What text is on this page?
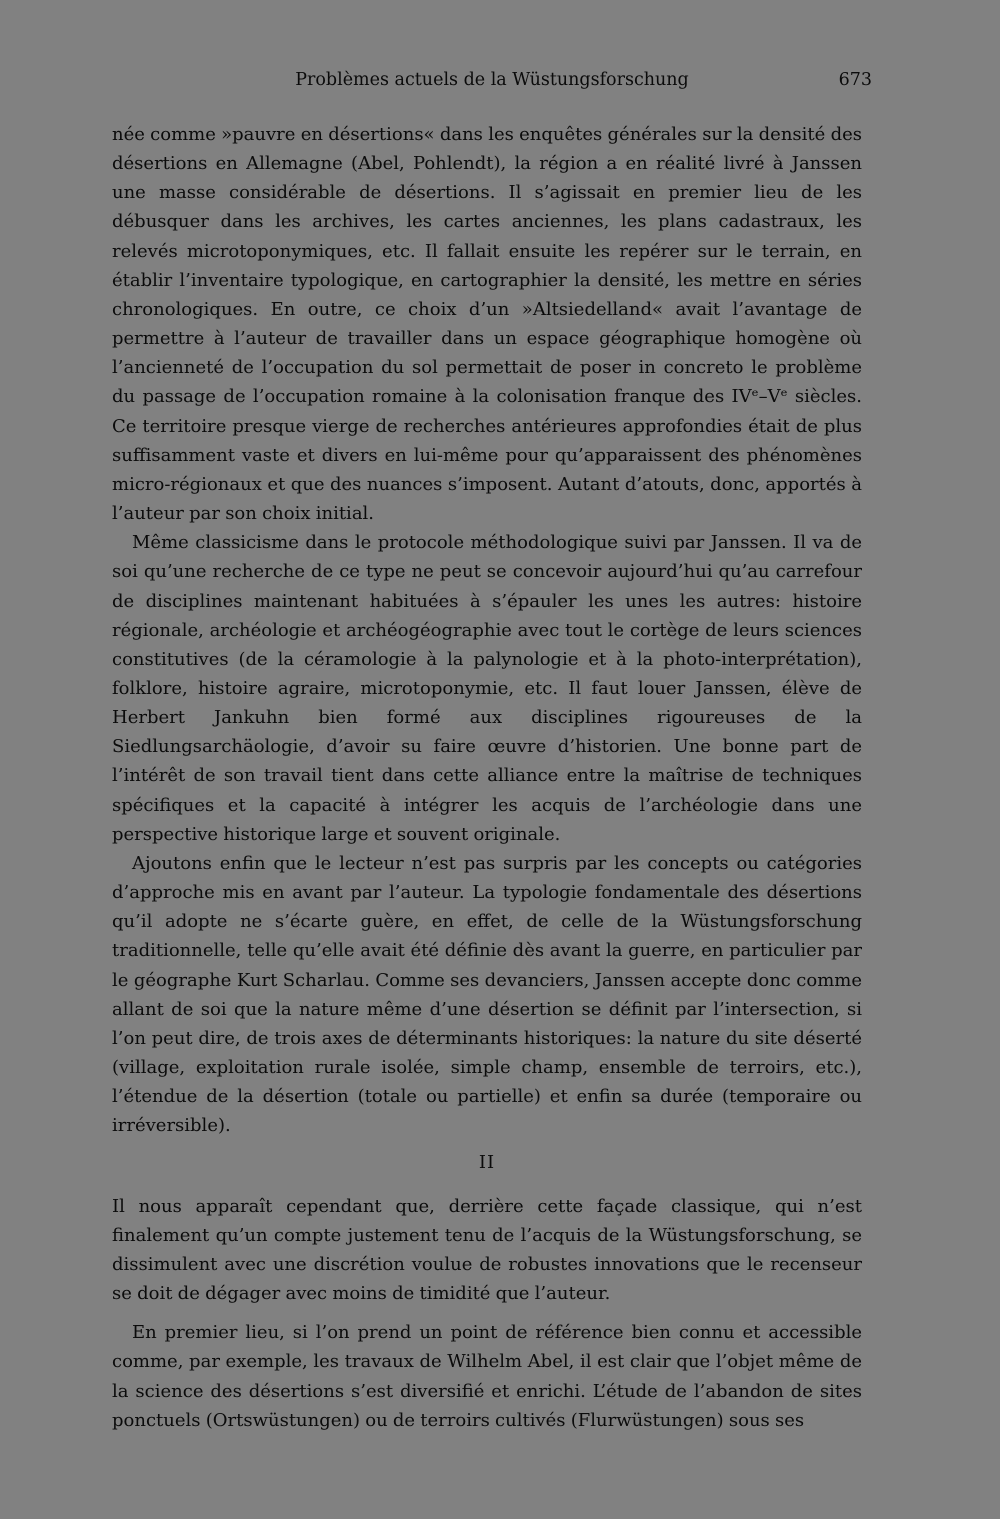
Problèmes actuels de la Wüstungsforschung	673

née comme »pauvre en désertions« dans les enquêtes générales sur la densité des désertions en Allemagne (Abel, Pohlendt), la région a en réalité livré à Janssen une masse considérable de désertions. Il s’agissait en premier lieu de les débusquer dans les archives, les cartes anciennes, les plans cadastraux, les relevés microtoponymiques, etc. Il fallait ensuite les repérer sur le terrain, en établir l’inventaire typologique, en cartographier la densité, les mettre en séries chronologiques. En outre, ce choix d’un »Altsiedelland« avait l’avantage de permettre à l’auteur de travailler dans un espace géographique homogène où l’ancienneté de l’occupation du sol permettait de poser in concreto le problème du passage de l’occupation romaine à la colonisation franque des IVᵉ–Vᵉ siècles. Ce territoire presque vierge de recherches antérieures approfondies était de plus suffisamment vaste et divers en lui-même pour qu’apparaissent des phénomènes micro-régionaux et que des nuances s’imposent. Autant d’atouts, donc, apportés à l’auteur par son choix initial.

Même classicisme dans le protocole méthodologique suivi par Janssen. Il va de soi qu’une recherche de ce type ne peut se concevoir aujourd’hui qu’au carrefour de disciplines maintenant habituées à s’épauler les unes les autres: histoire régionale, archéologie et archéogéographie avec tout le cortège de leurs sciences constitutives (de la céramologie à la palynologie et à la photo-interprétation), folklore, histoire agraire, microtoponymie, etc. Il faut louer Janssen, élève de Herbert Jankuhn bien formé aux disciplines rigoureuses de la Siedlungsarchäologie, d’avoir su faire œuvre d’historien. Une bonne part de l’intérêt de son travail tient dans cette alliance entre la maîtrise de techniques spécifiques et la capacité à intégrer les acquis de l’archéologie dans une perspective historique large et souvent originale.

Ajoutons enfin que le lecteur n’est pas surpris par les concepts ou catégories d’approche mis en avant par l’auteur. La typologie fondamentale des désertions qu’il adopte ne s’écarte guère, en effet, de celle de la Wüstungsforschung traditionnelle, telle qu’elle avait été définie dès avant la guerre, en particulier par le géographe Kurt Scharlau. Comme ses devanciers, Janssen accepte donc comme allant de soi que la nature même d’une désertion se définit par l’intersection, si l’on peut dire, de trois axes de déterminants historiques: la nature du site déserté (village, exploitation rurale isolée, simple champ, ensemble de terroirs, etc.), l’étendue de la désertion (totale ou partielle) et enfin sa durée (temporaire ou irréversible).

II

Il nous apparaît cependant que, derrière cette façade classique, qui n’est finalement qu’un compte justement tenu de l’acquis de la Wüstungsforschung, se dissimulent avec une discrétion voulue de robustes innovations que le recenseur se doit de dégager avec moins de timidité que l’auteur.

En premier lieu, si l’on prend un point de référence bien connu et accessible comme, par exemple, les travaux de Wilhelm Abel, il est clair que l’objet même de la science des désertions s’est diversifié et enrichi. L’étude de l’abandon de sites ponctuels (Ortswüstungen) ou de terroirs cultivés (Flurwüstungen) sous ses
